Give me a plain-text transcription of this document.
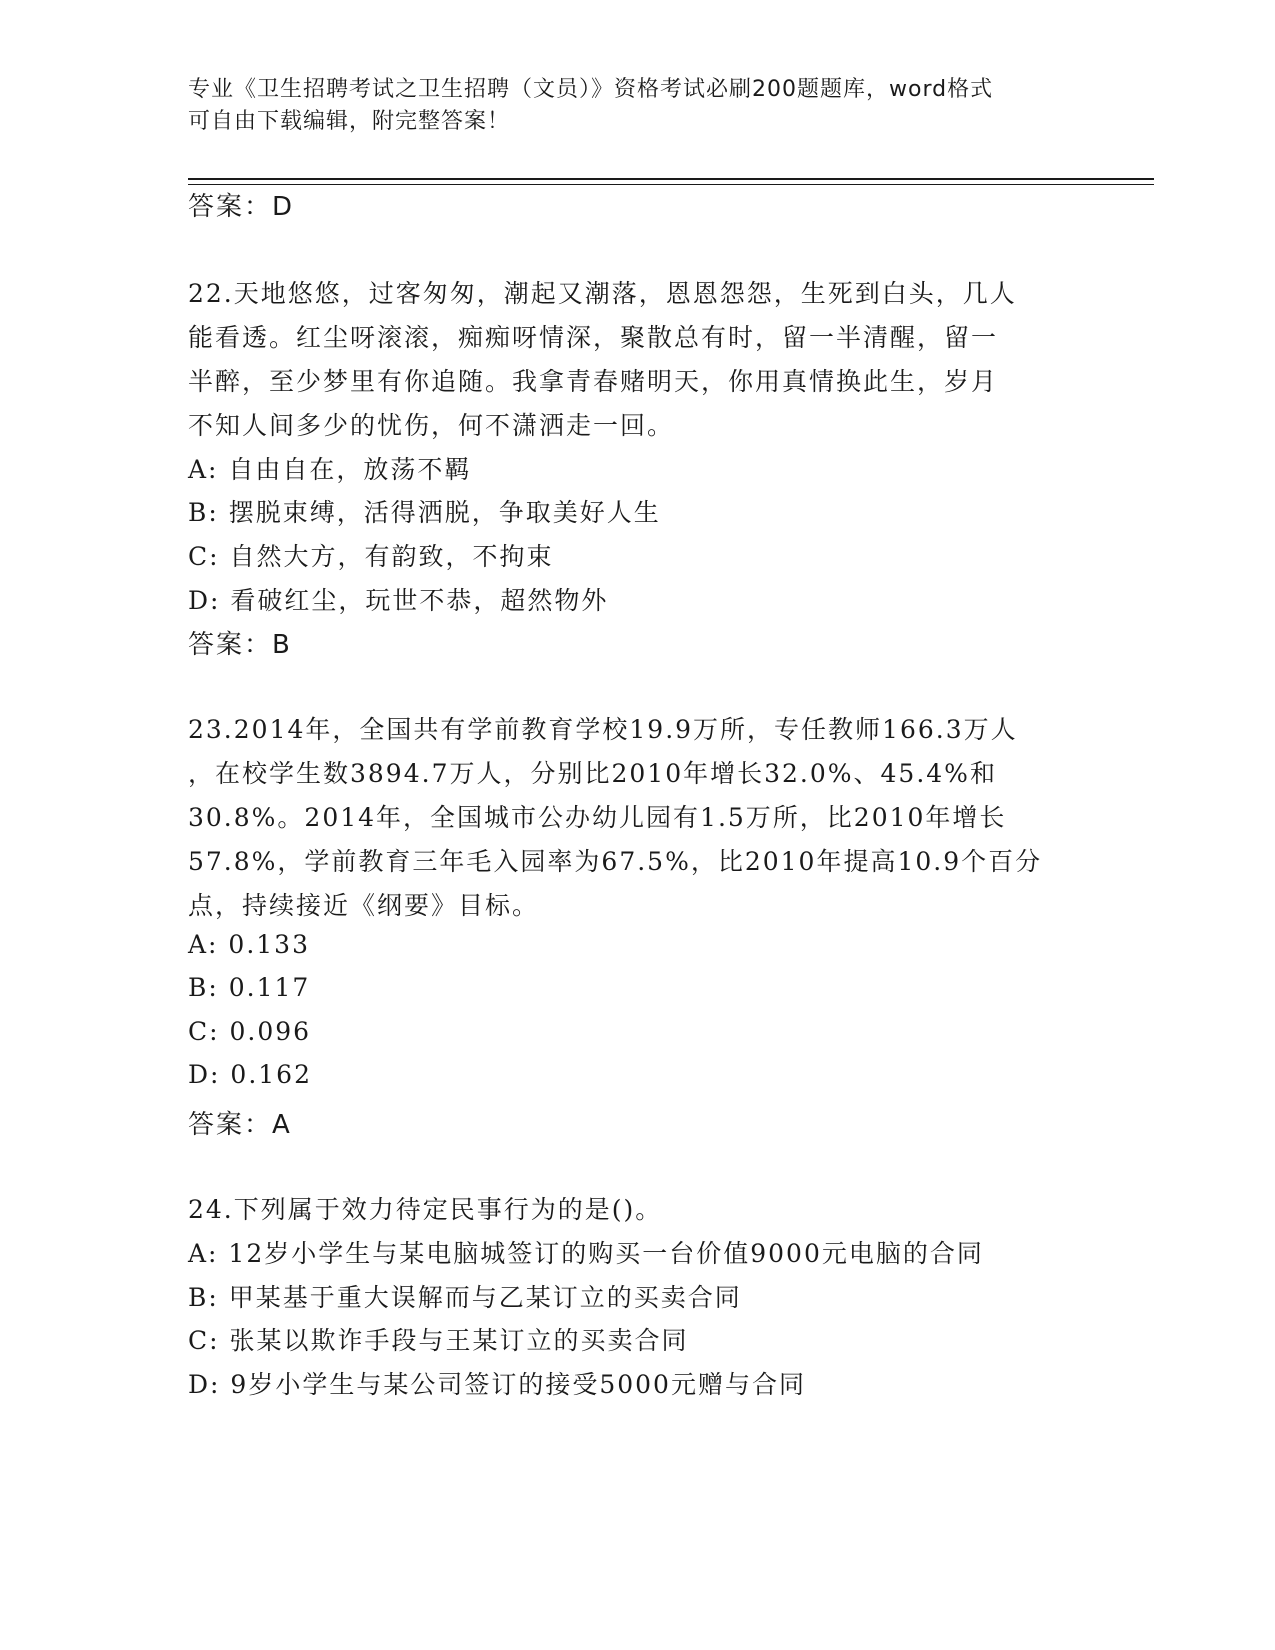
专业《卫生招聘考试之卫生招聘（文员）》资格考试必刷200题题库，word格式
可自由下载编辑，附完整答案！
答案：D
22.天地悠悠，过客匆匆，潮起又潮落，恩恩怨怨，生死到白头，几人
能看透。红尘呀滚滚，痴痴呀情深，聚散总有时，留一半清醒，留一
半醉，至少梦里有你追随。我拿青春赌明天，你用真情换此生，岁月
不知人间多少的忧伤，何不潇洒走一回。
A: 自由自在，放荡不羁
B: 摆脱束缚，活得洒脱，争取美好人生
C: 自然大方，有韵致，不拘束
D: 看破红尘，玩世不恭，超然物外
答案：B
23.2014年，全国共有学前教育学校19.9万所，专任教师166.3万人
，在校学生数3894.7万人，分别比2010年增长32.0%、45.4%和
30.8%。2014年，全国城市公办幼儿园有1.5万所，比2010年增长
57.8%，学前教育三年毛入园率为67.5%，比2010年提高10.9个百分
点，持续接近《纲要》目标。
A: 0.133
B: 0.117
C: 0.096
D: 0.162
答案：A
24.下列属于效力待定民事行为的是()。
A: 12岁小学生与某电脑城签订的购买一台价值9000元电脑的合同
B: 甲某基于重大误解而与乙某订立的买卖合同
C: 张某以欺诈手段与王某订立的买卖合同
D: 9岁小学生与某公司签订的接受5000元赠与合同
